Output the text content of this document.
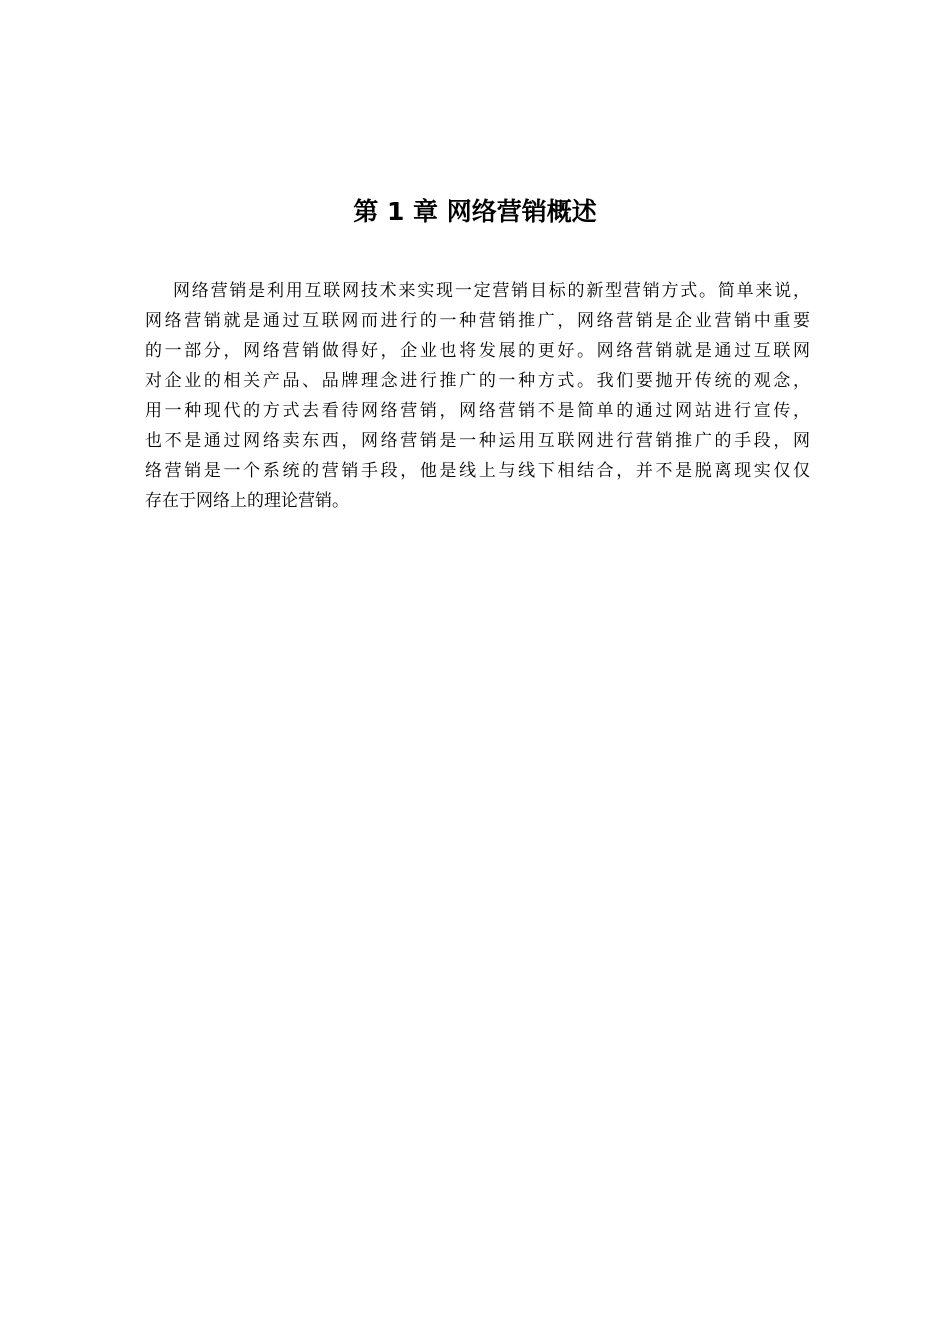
第 1 章 网络营销概述
网络营销是利用互联网技术来实现一定营销目标的新型营销方式。简单来说，
网络营销就是通过互联网而进行的一种营销推广，网络营销是企业营销中重要
的一部分，网络营销做得好，企业也将发展的更好。网络营销就是通过互联网
对企业的相关产品、品牌理念进行推广的一种方式。我们要抛开传统的观念，
用一种现代的方式去看待网络营销，网络营销不是简单的通过网站进行宣传，
也不是通过网络卖东西，网络营销是一种运用互联网进行营销推广的手段，网
络营销是一个系统的营销手段，他是线上与线下相结合，并不是脱离现实仅仅
存在于网络上的理论营销。
